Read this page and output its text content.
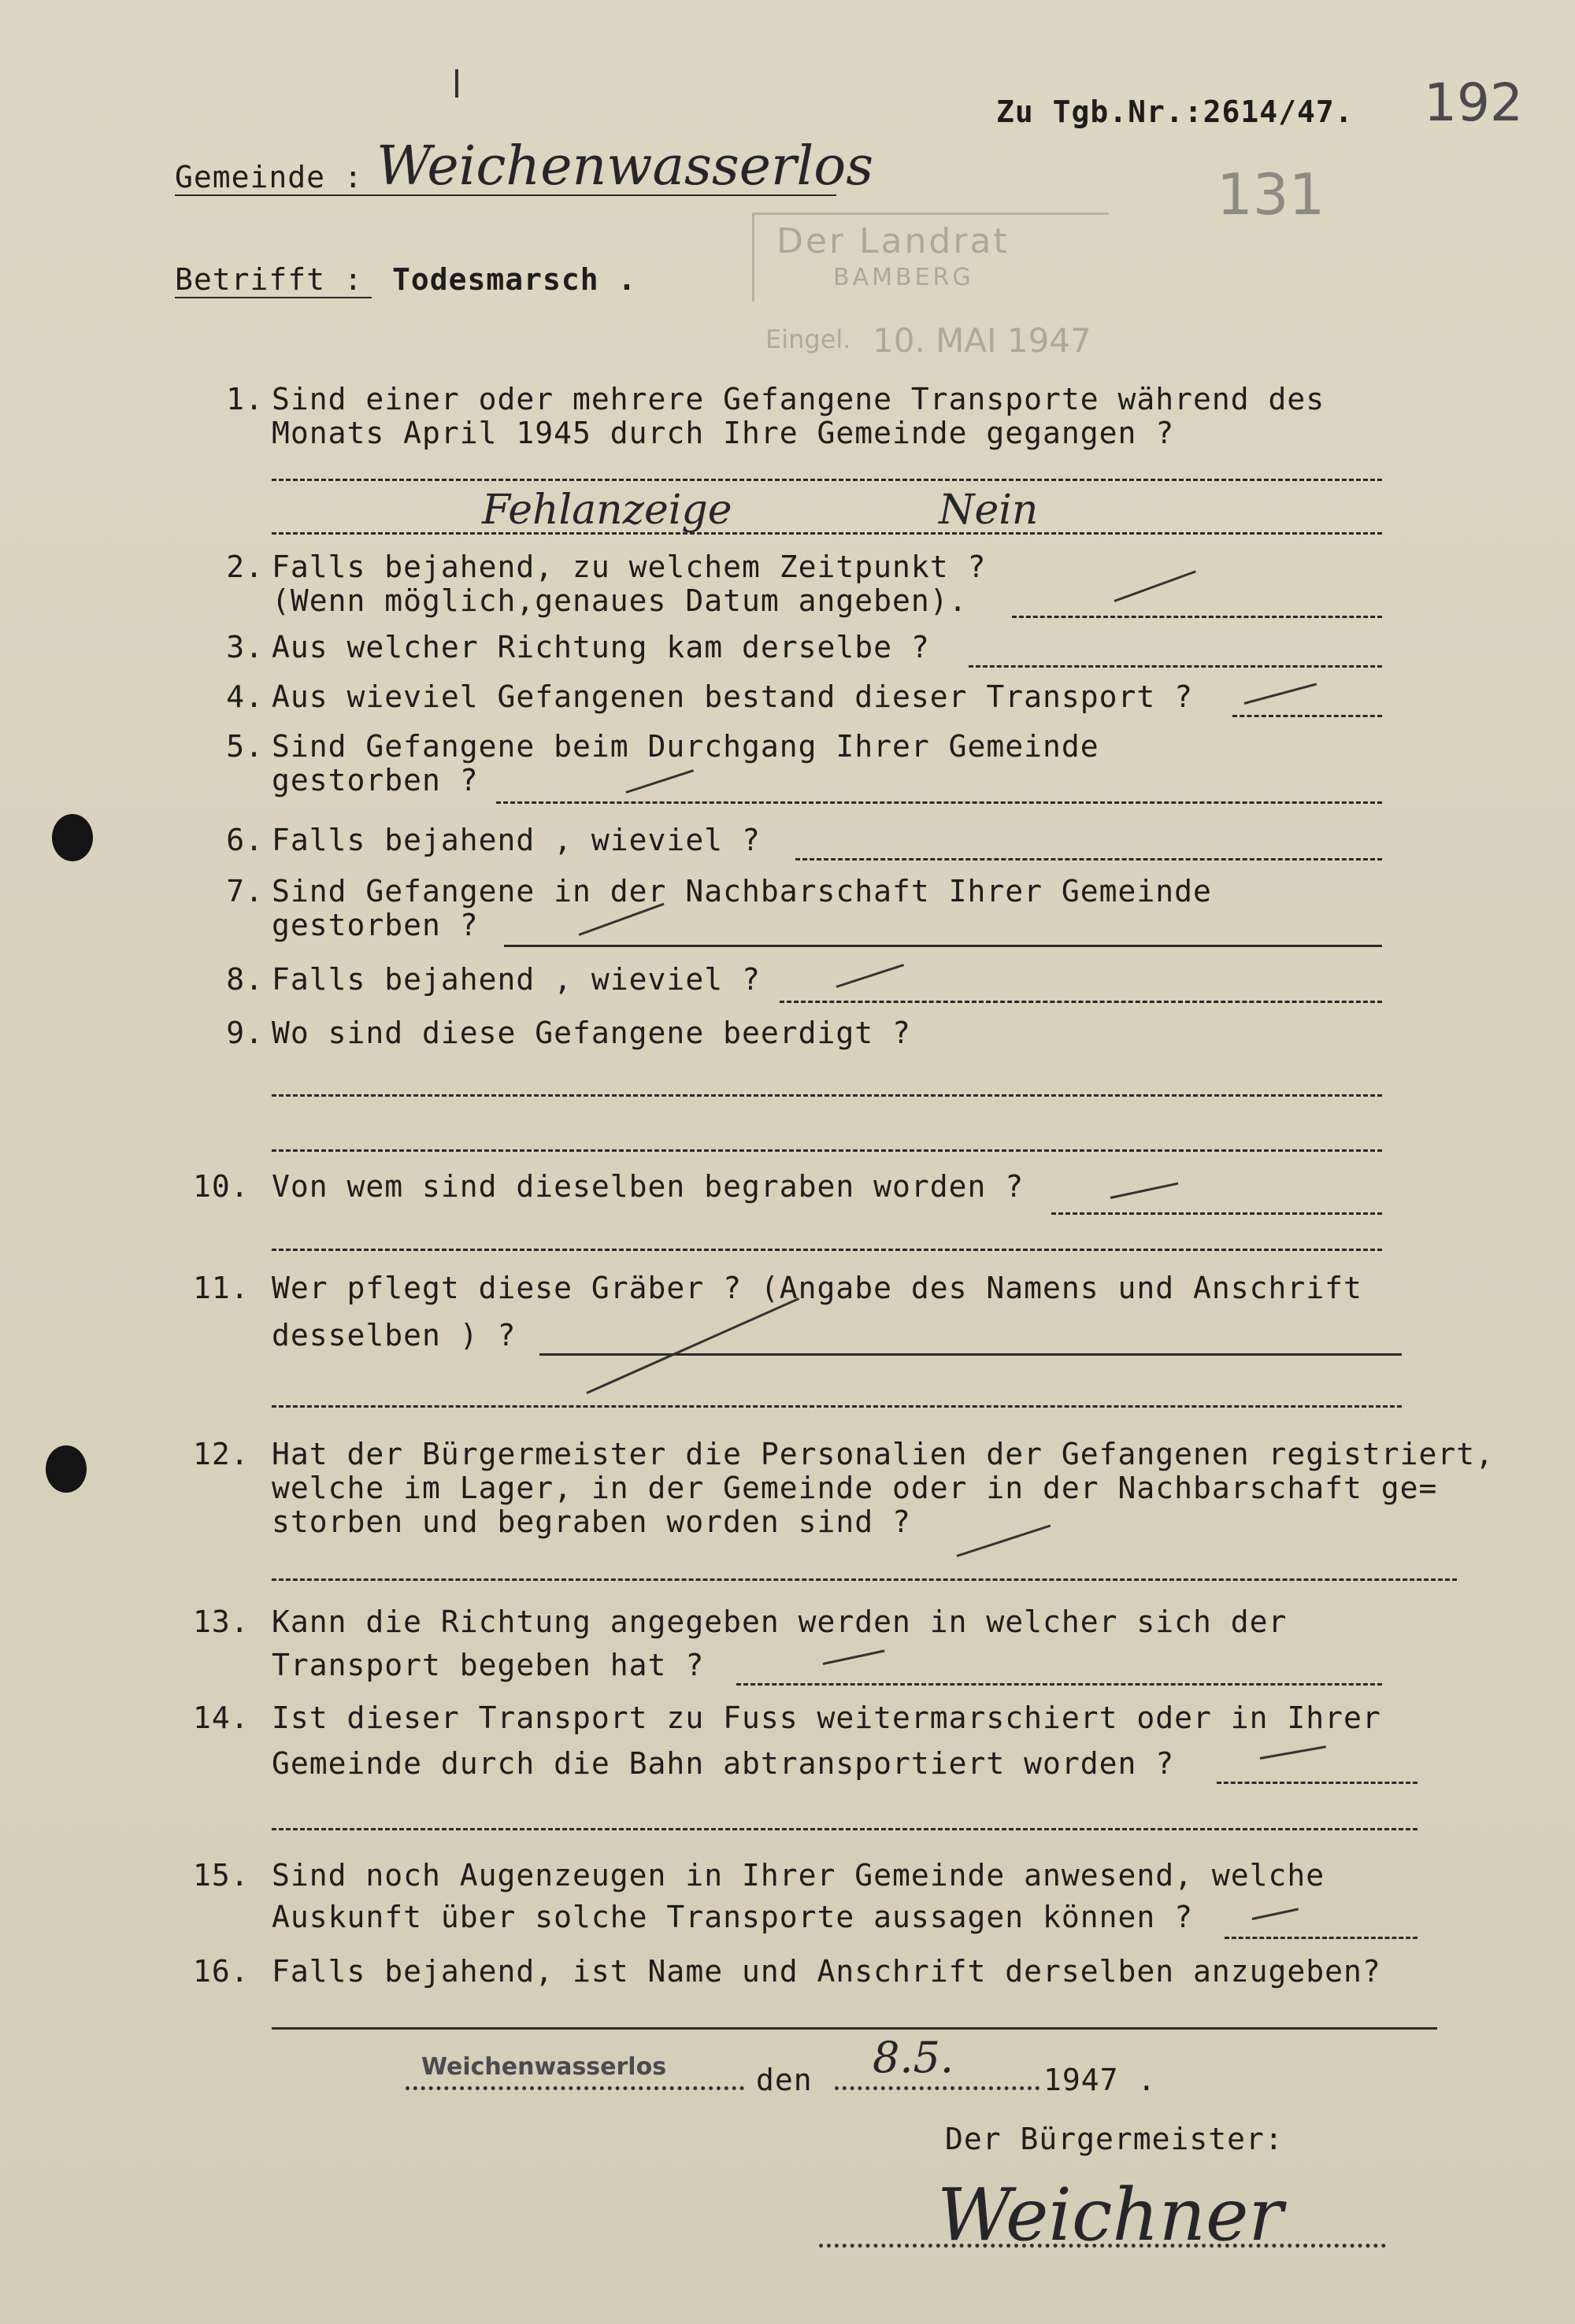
Zu Tgb.Nr.:2614/47. 192
131
Gemeinde : Weichenwasserlos
Betrifft : Todesmarsch .
Der Landrat
BAMBERG
Eingel. 10. MAI 1947
1. Sind einer oder mehrere Gefangene Transporte während des
Monats April 1945 durch Ihre Gemeinde gegangen ?
Fehlanzeige	Nein
2. Falls bejahend, zu welchem Zeitpunkt ?
(Wenn möglich,genaues Datum angeben).
3. Aus welcher Richtung kam derselbe ?
4. Aus wieviel Gefangenen bestand dieser Transport ?
5. Sind Gefangene beim Durchgang Ihrer Gemeinde
gestorben ?
6. Falls bejahend , wieviel ?
7. Sind Gefangene in der Nachbarschaft Ihrer Gemeinde
gestorben ?
8. Falls bejahend , wieviel ?
9. Wo sind diese Gefangene beerdigt ?
10. Von wem sind dieselben begraben worden ?
11. Wer pflegt diese Gräber ? (Angabe des Namens und Anschrift
desselben ) ?
12. Hat der Bürgermeister die Personalien der Gefangenen registriert,
welche im Lager, in der Gemeinde oder in der Nachbarschaft ge=
storben und begraben worden sind ?
13. Kann die Richtung angegeben werden in welcher sich der
Transport begeben hat ?
14. Ist dieser Transport zu Fuss weitermarschiert oder in Ihrer
Gemeinde durch die Bahn abtransportiert worden ?
15. Sind noch Augenzeugen in Ihrer Gemeinde anwesend, welche
Auskunft über solche Transporte aussagen können ?
16. Falls bejahend, ist Name und Anschrift derselben anzugeben?
Weichenwasserlos	den 8.5.	1947 .
Der Bürgermeister:
Weichner
